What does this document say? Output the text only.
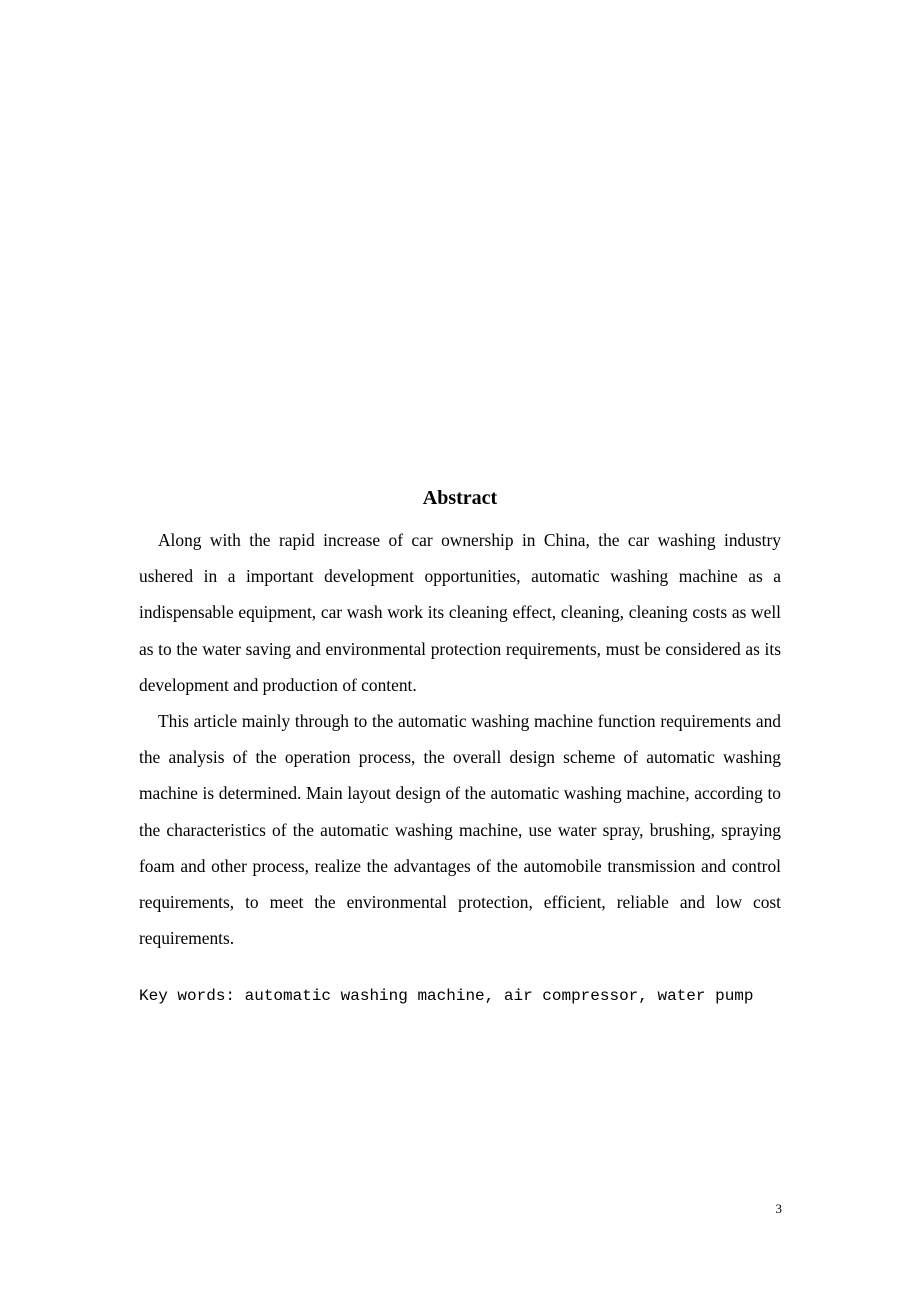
Abstract

Along with the rapid increase of car ownership in China, the car washing industry ushered in a important development opportunities, automatic washing machine as a indispensable equipment, car wash work its cleaning effect, cleaning, cleaning costs as well as to the water saving and environmental protection requirements, must be considered as its development and production of content.

This article mainly through to the automatic washing machine function requirements and the analysis of the operation process, the overall design scheme of automatic washing machine is determined. Main layout design of the automatic washing machine, according to the characteristics of the automatic washing machine, use water spray, brushing, spraying foam and other process, realize the advantages of the automobile transmission and control requirements, to meet the environmental protection, efficient, reliable and low cost requirements.

Key words: automatic washing machine, air compressor, water pump

3
